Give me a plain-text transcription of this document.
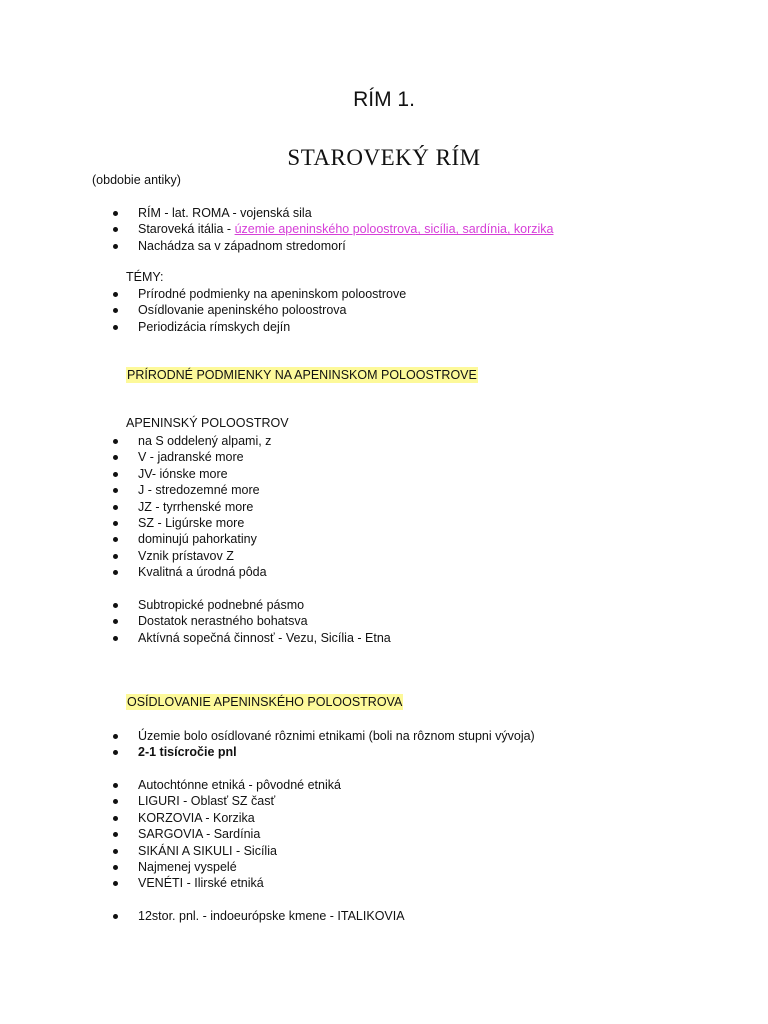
RÍM 1.
STAROVEKÝ RÍM
(obdobie antiky)
RÍM - lat. ROMA - vojenská sila
Staroveká itália - územie apeninského poloostrova, sicília, sardínia, korzika
Nachádza sa v západnom stredomorí
TÉMY:
Prírodné podmienky na apeninskom poloostrove
Osídlovanie apeninského poloostrova
Periodizácia rímskych dejín
PRÍRODNÉ PODMIENKY NA APENINSKOM POLOOSTROVE
APENINSKÝ POLOOSTROV
na S oddelený alpami, z
V - jadranské more
JV- iónske more
J - stredozemné more
JZ - tyrrhenské more
SZ - Ligúrske more
dominujú pahorkatiny
Vznik prístavov Z
Kvalitná a úrodná pôda
Subtropické podnebné pásmo
Dostatok nerastného bohatsva
Aktívná sopečná činnosť - Vezu, Sicília - Etna
OSÍDLOVANIE APENINSKÉHO POLOOSTROVA
Územie bolo osídlované rôznimi etnikami (boli na rôznom stupni vývoja)
2-1 tisícročie pnl
Autochtónne etniká - pôvodné etniká
LIGURI - Oblasť SZ časť
KORZOVIA - Korzika
SARGOVIA - Sardínia
SIKÁNI A SIKULI - Sicília
Najmenej vyspelé
VENÉTI - Ilirské etniká
12stor. pnl. - indoeurópske kmene - ITALIKOVIA
